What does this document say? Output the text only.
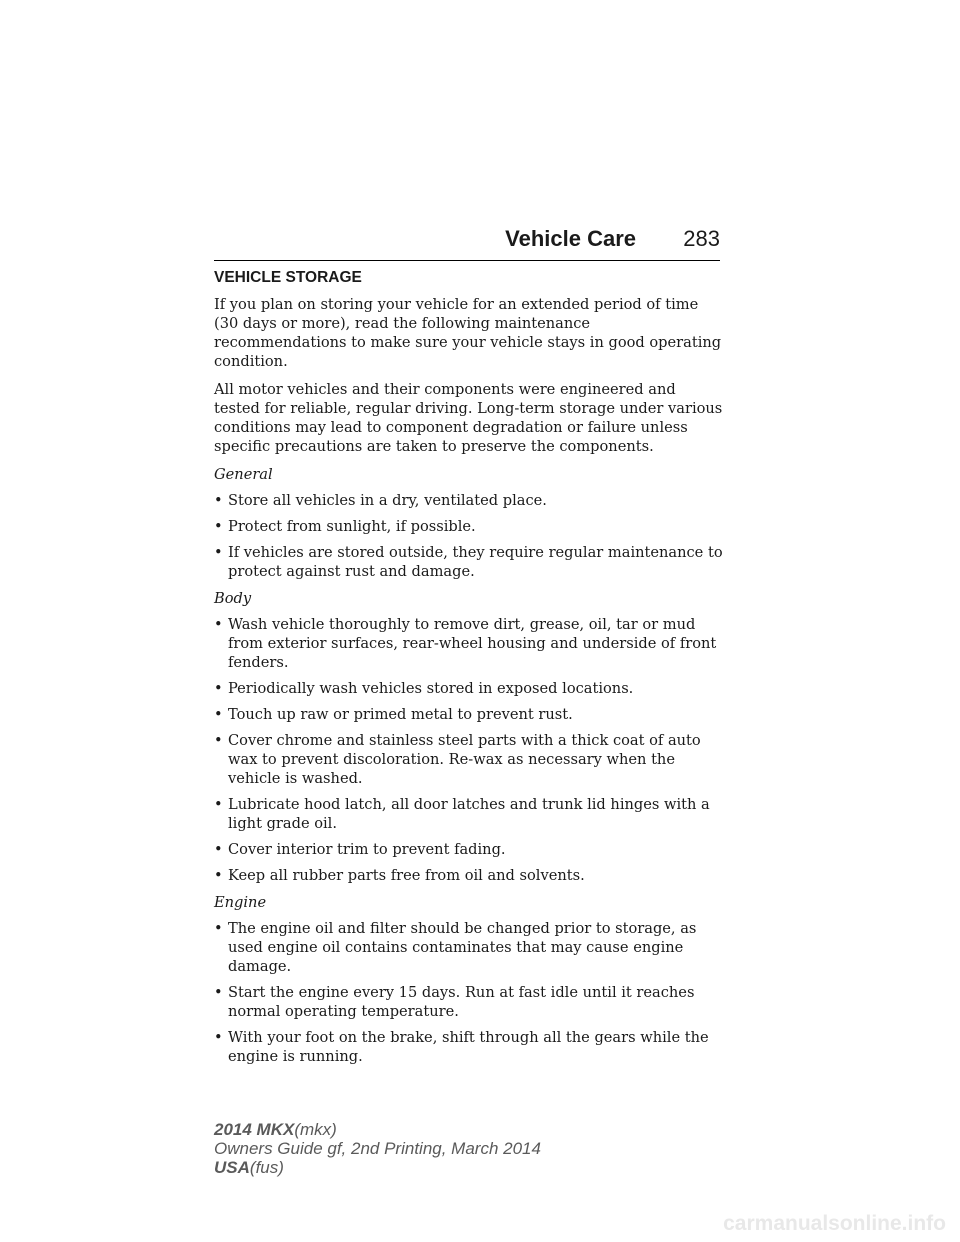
Vehicle Care 283
VEHICLE STORAGE

If you plan on storing your vehicle for an extended period of time (30 days or more), read the following maintenance recommendations to make sure your vehicle stays in good operating condition.

All motor vehicles and their components were engineered and tested for reliable, regular driving. Long-term storage under various conditions may lead to component degradation or failure unless specific precautions are taken to preserve the components.

General
• Store all vehicles in a dry, ventilated place.
• Protect from sunlight, if possible.
• If vehicles are stored outside, they require regular maintenance to protect against rust and damage.
Body
• Wash vehicle thoroughly to remove dirt, grease, oil, tar or mud from exterior surfaces, rear-wheel housing and underside of front fenders.
• Periodically wash vehicles stored in exposed locations.
• Touch up raw or primed metal to prevent rust.
• Cover chrome and stainless steel parts with a thick coat of auto wax to prevent discoloration. Re-wax as necessary when the vehicle is washed.
• Lubricate hood latch, all door latches and trunk lid hinges with a light grade oil.
• Cover interior trim to prevent fading.
• Keep all rubber parts free from oil and solvents.
Engine
• The engine oil and filter should be changed prior to storage, as used engine oil contains contaminates that may cause engine damage.
• Start the engine every 15 days. Run at fast idle until it reaches normal operating temperature.
• With your foot on the brake, shift through all the gears while the engine is running.
2014 MKX(mkx)
Owners Guide gf, 2nd Printing, March 2014
USA(fus)
carmanualsonline.info
